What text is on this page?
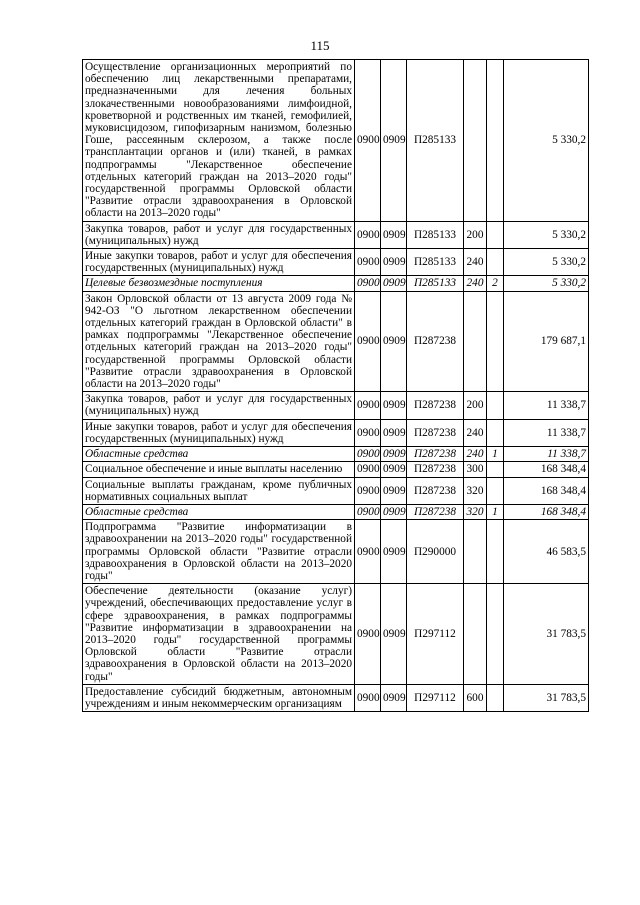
115
Осуществление организационных мероприятий по обеспечению лиц лекарственными препаратами, предназначенными для лечения больных злокачественными новообразованиями лимфоидной, кроветворной и родственных им тканей, гемофилией, муковисцидозом, гипофизарным нанизмом, болезнью Гоше, рассеянным склерозом, а также после трансплантации органов и (или) тканей, в рамках подпрограммы "Лекарственное обеспечение отдельных категорий граждан на 2013–2020 годы" государственной программы Орловской области "Развитие отрасли здравоохранения в Орловской области на 2013–2020 годы"	0900	0909	П285133			5 330,2
Закупка товаров, работ и услуг для государственных (муниципальных) нужд	0900	0909	П285133	200		5 330,2
Иные закупки товаров, работ и услуг для обеспечения государственных (муниципальных) нужд	0900	0909	П285133	240		5 330,2
Целевые безвозмездные поступления	0900	0909	П285133	240	2	5 330,2
Закон Орловской области от 13 августа 2009 года № 942-ОЗ "О льготном лекарственном обеспечении отдельных категорий граждан в Орловской области" в рамках подпрограммы "Лекарственное обеспечение отдельных категорий граждан на 2013–2020 годы" государственной программы Орловской области "Развитие отрасли здравоохранения в Орловской области на 2013–2020 годы"	0900	0909	П287238			179 687,1
Закупка товаров, работ и услуг для государственных (муниципальных) нужд	0900	0909	П287238	200		11 338,7
Иные закупки товаров, работ и услуг для обеспечения государственных (муниципальных) нужд	0900	0909	П287238	240		11 338,7
Областные средства	0900	0909	П287238	240	1	11 338,7
Социальное обеспечение и иные выплаты населению	0900	0909	П287238	300		168 348,4
Социальные выплаты гражданам, кроме публичных нормативных социальных выплат	0900	0909	П287238	320		168 348,4
Областные средства	0900	0909	П287238	320	1	168 348,4
Подпрограмма "Развитие информатизации в здравоохранении на 2013–2020 годы" государственной программы Орловской области "Развитие отрасли здравоохранения в Орловской области на 2013–2020 годы"	0900	0909	П290000			46 583,5
Обеспечение деятельности (оказание услуг) учреждений, обеспечивающих предоставление услуг в сфере здравоохранения, в рамках подпрограммы "Развитие информатизации в здравоохранении на 2013–2020 годы" государственной программы Орловской области "Развитие отрасли здравоохранения в Орловской области на 2013–2020 годы"	0900	0909	П297112			31 783,5
Предоставление субсидий бюджетным, автономным учреждениям и иным некоммерческим организациям	0900	0909	П297112	600		31 783,5
